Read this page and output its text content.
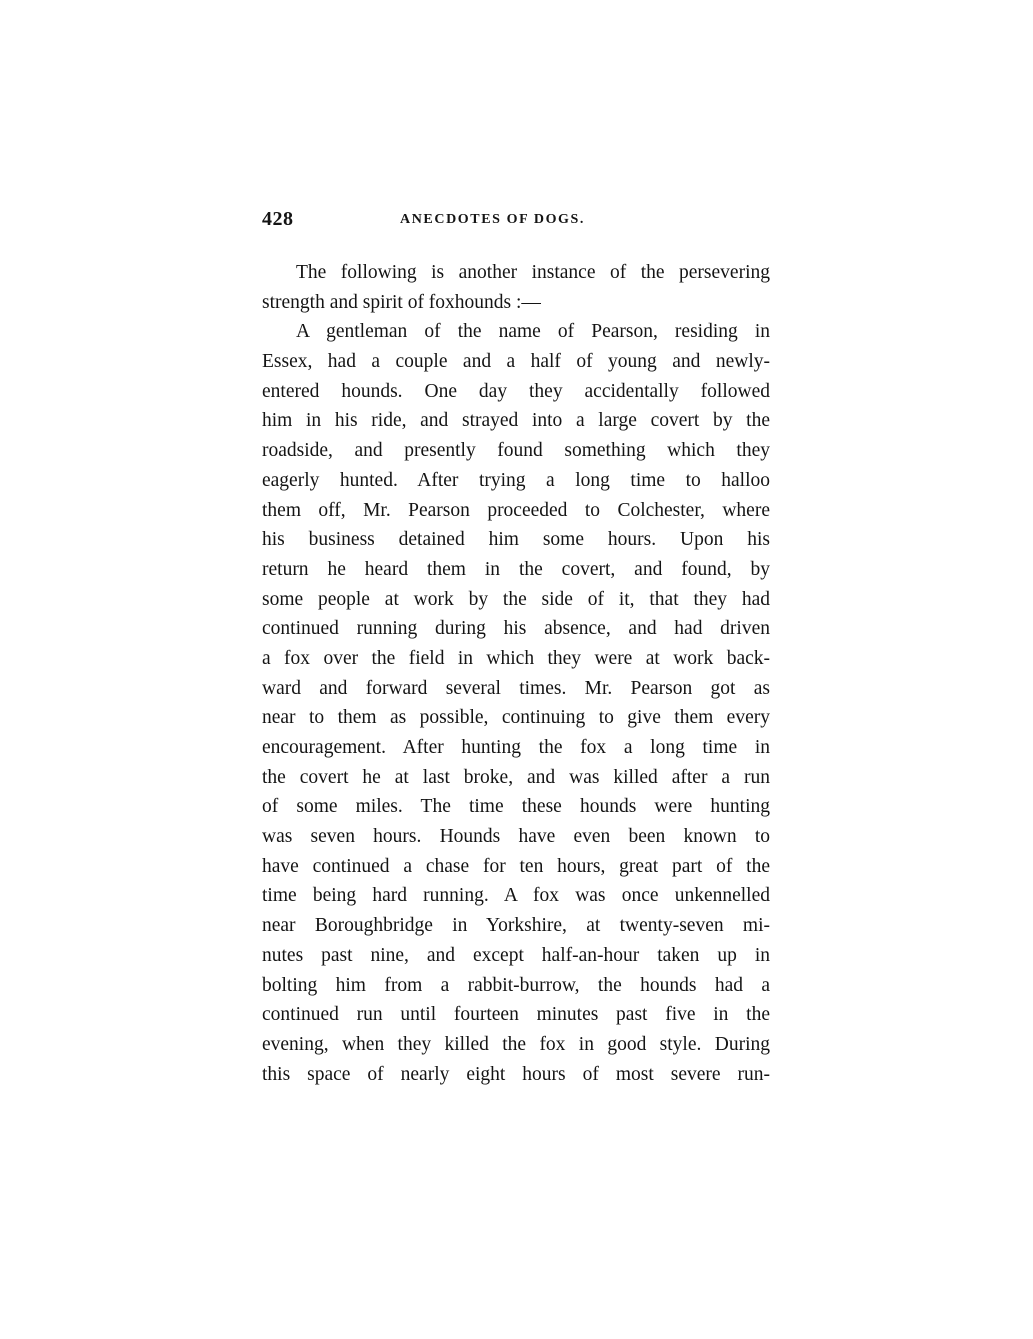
428	ANECDOTES OF DOGS.
The following is another instance of the persevering
strength and spirit of foxhounds :—
A gentleman of the name of Pearson, residing in
Essex, had a couple and a half of young and newly-
entered hounds. One day they accidentally followed
him in his ride, and strayed into a large covert by the
roadside, and presently found something which they
eagerly hunted. After trying a long time to halloo
them off, Mr. Pearson proceeded to Colchester, where
his business detained him some hours. Upon his
return he heard them in the covert, and found, by
some people at work by the side of it, that they had
continued running during his absence, and had driven
a fox over the field in which they were at work back-
ward and forward several times. Mr. Pearson got as
near to them as possible, continuing to give them every
encouragement. After hunting the fox a long time in
the covert he at last broke, and was killed after a run
of some miles. The time these hounds were hunting
was seven hours. Hounds have even been known to
have continued a chase for ten hours, great part of the
time being hard running. A fox was once unkennelled
near Boroughbridge in Yorkshire, at twenty-seven mi-
nutes past nine, and except half-an-hour taken up in
bolting him from a rabbit-burrow, the hounds had a
continued run until fourteen minutes past five in the
evening, when they killed the fox in good style. During
this space of nearly eight hours of most severe run-
